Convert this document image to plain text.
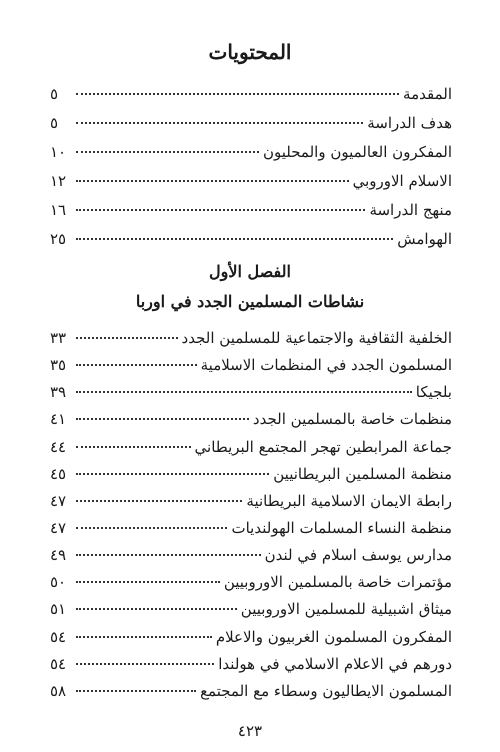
المحتويات
المقدمة
٥
هدف الدراسة
٥
المفكرون العالميون والمحليون
١٠
الاسلام الاوروبي
١٢
منهج الدراسة
١٦
الهوامش
٢٥
الفصل الأول
نشاطات المسلمين الجدد في اوربا
الخلفية الثقافية والاجتماعية للمسلمين الجدد
٣٣
المسلمون الجدد في المنظمات الاسلامية
٣٥
بلجيكا
٣٩
منظمات خاصة بالمسلمين الجدد
٤١
جماعة المرابطين تهجر المجتمع البريطاني
٤٤
منظمة المسلمين البريطانيين
٤٥
رابطة الايمان الاسلامية البريطانية
٤٧
منظمة النساء المسلمات الهولنديات
٤٧
مدارس يوسف اسلام في لندن
٤٩
مؤتمرات خاصة بالمسلمين الاوروبيين
٥٠
ميثاق اشبيلية للمسلمين الاوروبيين
٥١
المفكرون المسلمون الغربيون والاعلام
٥٤
دورهم في الاعلام الاسلامي في هولندا
٥٤
المسلمون الايطاليون وسطاء مع المجتمع
٥٨
٤٢٣
